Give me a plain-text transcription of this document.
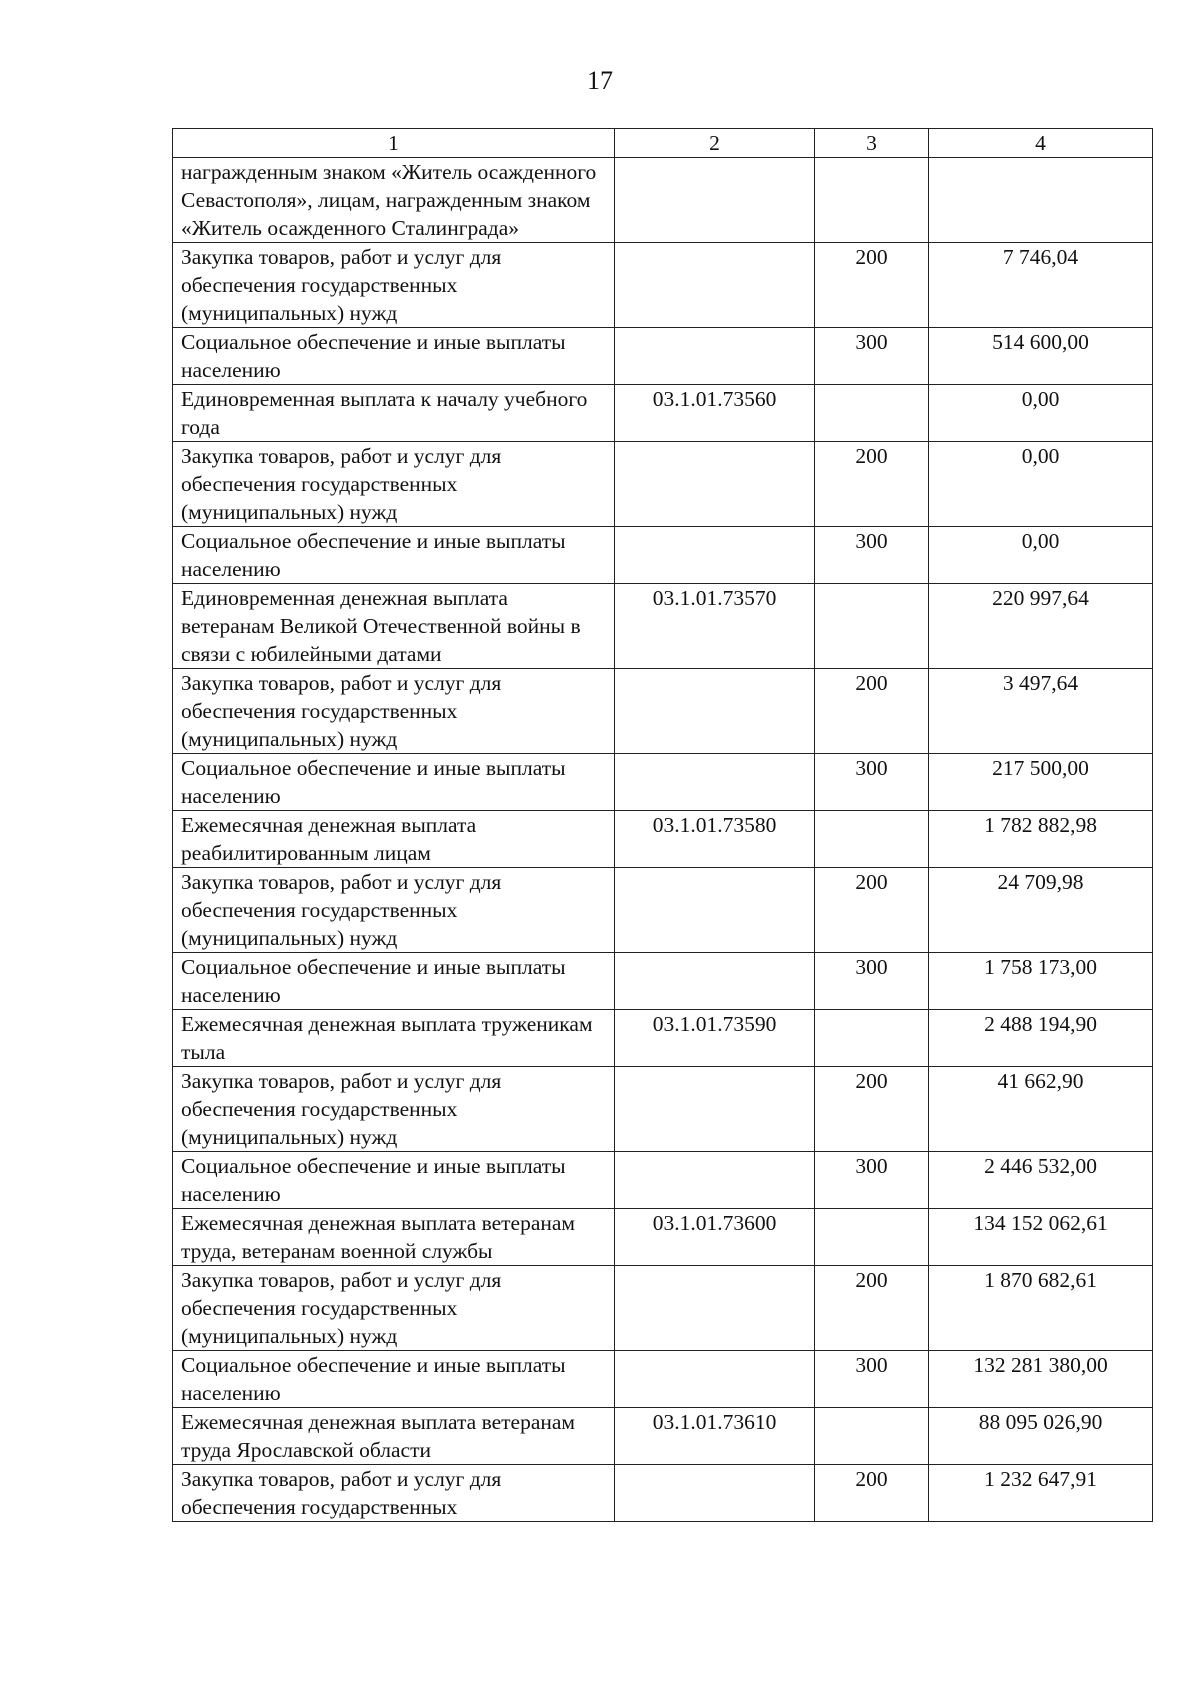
17
1	2	3	4
награжденным знаком «Житель осажденного Севастополя», лицам, награжденным знаком «Житель осажденного Сталинграда»			
Закупка товаров, работ и услуг для обеспечения государственных (муниципальных) нужд		200	7 746,04
Социальное обеспечение и иные выплаты населению		300	514 600,00
Единовременная выплата к началу учебного года	03.1.01.73560		0,00
Закупка товаров, работ и услуг для обеспечения государственных (муниципальных) нужд		200	0,00
Социальное обеспечение и иные выплаты населению		300	0,00
Единовременная денежная выплата ветеранам Великой Отечественной войны в связи с юбилейными датами	03.1.01.73570		220 997,64
Закупка товаров, работ и услуг для обеспечения государственных (муниципальных) нужд		200	3 497,64
Социальное обеспечение и иные выплаты населению		300	217 500,00
Ежемесячная денежная выплата реабилитированным лицам	03.1.01.73580		1 782 882,98
Закупка товаров, работ и услуг для обеспечения государственных (муниципальных) нужд		200	24 709,98
Социальное обеспечение и иные выплаты населению		300	1 758 173,00
Ежемесячная денежная выплата труженикам тыла	03.1.01.73590		2 488 194,90
Закупка товаров, работ и услуг для обеспечения государственных (муниципальных) нужд		200	41 662,90
Социальное обеспечение и иные выплаты населению		300	2 446 532,00
Ежемесячная денежная выплата ветеранам труда, ветеранам военной службы	03.1.01.73600		134 152 062,61
Закупка товаров, работ и услуг для обеспечения государственных (муниципальных) нужд		200	1 870 682,61
Социальное обеспечение и иные выплаты населению		300	132 281 380,00
Ежемесячная денежная выплата ветеранам труда Ярославской области	03.1.01.73610		88 095 026,90
Закупка товаров, работ и услуг для обеспечения государственных		200	1 232 647,91
